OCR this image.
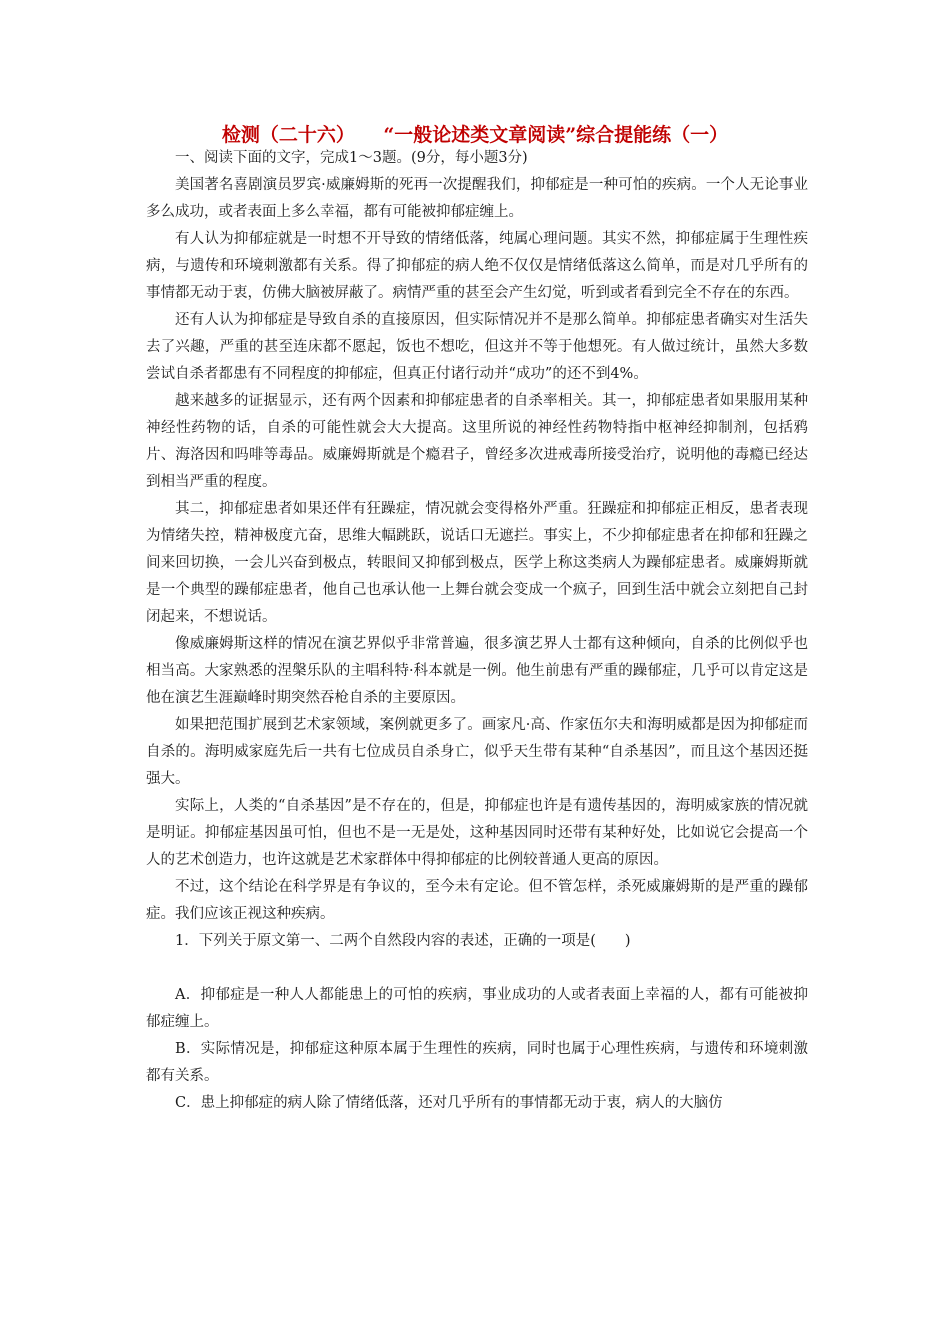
检测（二十六）　　“一般论述类文章阅读”综合提能练（一）

一、阅读下面的文字，完成1～3题。(9分，每小题3分)

美国著名喜剧演员罗宾·威廉姆斯的死再一次提醒我们，抑郁症是一种可怕的疾病。一个人无论事业多么成功，或者表面上多么幸福，都有可能被抑郁症缠上。

有人认为抑郁症就是一时想不开导致的情绪低落，纯属心理问题。其实不然，抑郁症属于生理性疾病，与遗传和环境刺激都有关系。得了抑郁症的病人绝不仅仅是情绪低落这么简单，而是对几乎所有的事情都无动于衷，仿佛大脑被屏蔽了。病情严重的甚至会产生幻觉，听到或者看到完全不存在的东西。

还有人认为抑郁症是导致自杀的直接原因，但实际情况并不是那么简单。抑郁症患者确实对生活失去了兴趣，严重的甚至连床都不愿起，饭也不想吃，但这并不等于他想死。有人做过统计，虽然大多数尝试自杀者都患有不同程度的抑郁症，但真正付诸行动并“成功”的还不到4%。

越来越多的证据显示，还有两个因素和抑郁症患者的自杀率相关。其一，抑郁症患者如果服用某种神经性药物的话，自杀的可能性就会大大提高。这里所说的神经性药物特指中枢神经抑制剂，包括鸦片、海洛因和吗啡等毒品。威廉姆斯就是个瘾君子，曾经多次进戒毒所接受治疗，说明他的毒瘾已经达到相当严重的程度。

其二，抑郁症患者如果还伴有狂躁症，情况就会变得格外严重。狂躁症和抑郁症正相反，患者表现为情绪失控，精神极度亢奋，思维大幅跳跃，说话口无遮拦。事实上，不少抑郁症患者在抑郁和狂躁之间来回切换，一会儿兴奋到极点，转眼间又抑郁到极点，医学上称这类病人为躁郁症患者。威廉姆斯就是一个典型的躁郁症患者，他自己也承认他一上舞台就会变成一个疯子，回到生活中就会立刻把自己封闭起来，不想说话。

像威廉姆斯这样的情况在演艺界似乎非常普遍，很多演艺界人士都有这种倾向，自杀的比例似乎也相当高。大家熟悉的涅槃乐队的主唱科特·科本就是一例。他生前患有严重的躁郁症，几乎可以肯定这是他在演艺生涯巅峰时期突然吞枪自杀的主要原因。

如果把范围扩展到艺术家领域，案例就更多了。画家凡·高、作家伍尔夫和海明威都是因为抑郁症而自杀的。海明威家庭先后一共有七位成员自杀身亡，似乎天生带有某种“自杀基因”，而且这个基因还挺强大。

实际上，人类的“自杀基因”是不存在的，但是，抑郁症也许是有遗传基因的，海明威家族的情况就是明证。抑郁症基因虽可怕，但也不是一无是处，这种基因同时还带有某种好处，比如说它会提高一个人的艺术创造力，也许这就是艺术家群体中得抑郁症的比例较普通人更高的原因。

不过，这个结论在科学界是有争议的，至今未有定论。但不管怎样，杀死威廉姆斯的是严重的躁郁症。我们应该正视这种疾病。

1．下列关于原文第一、二两个自然段内容的表述，正确的一项是(　　)

A．抑郁症是一种人人都能患上的可怕的疾病，事业成功的人或者表面上幸福的人，都有可能被抑郁症缠上。

B．实际情况是，抑郁症这种原本属于生理性的疾病，同时也属于心理性疾病，与遗传和环境刺激都有关系。

C．患上抑郁症的病人除了情绪低落，还对几乎所有的事情都无动于衷，病人的大脑仿
